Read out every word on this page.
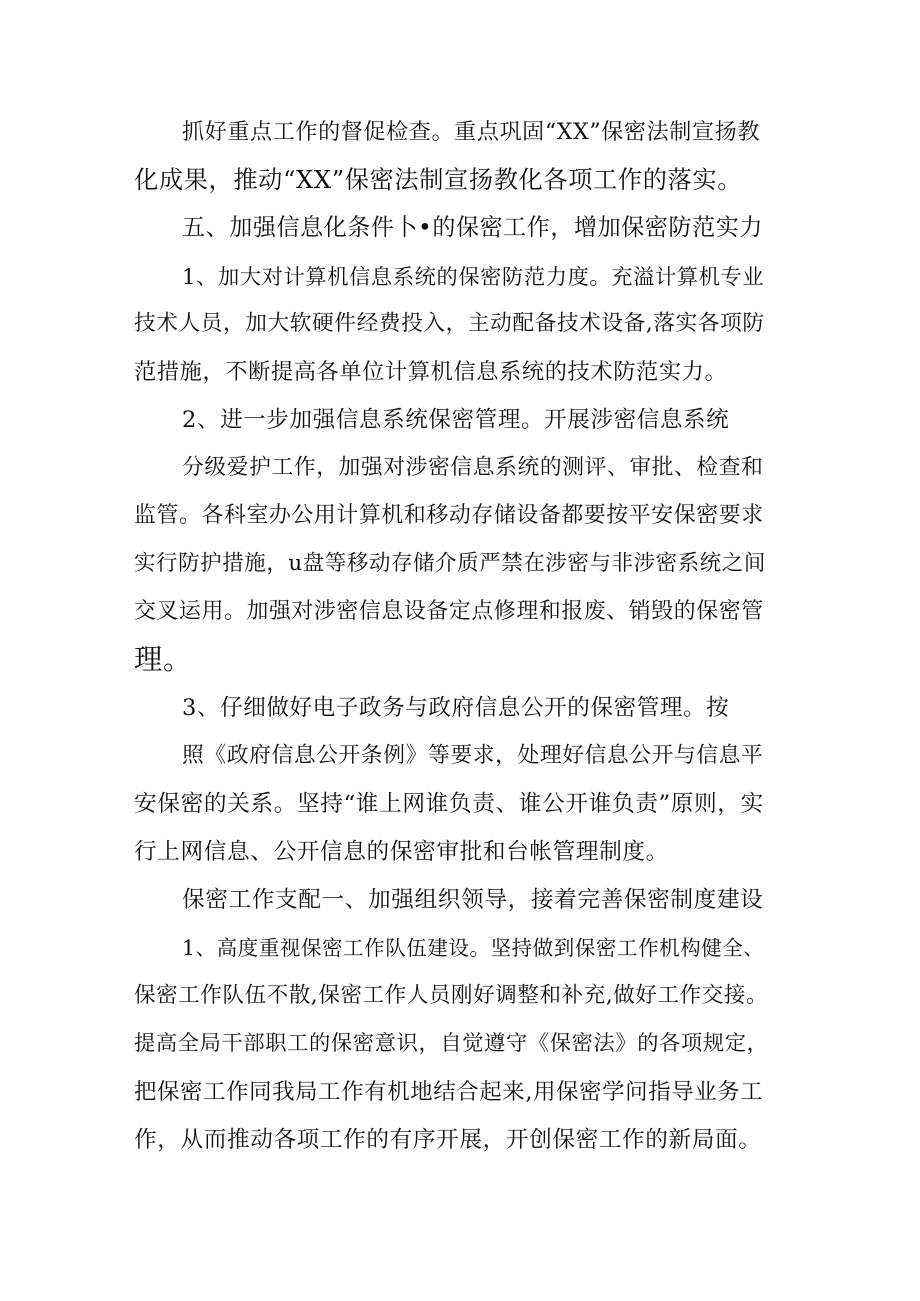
抓好重点工作的督促检查。重点巩固“XX”保密法制宣扬教
化成果，推动“XX”保密法制宣扬教化各项工作的落实。
五、加强信息化条件卜•的保密工作，增加保密防范实力
1、加大对计算机信息系统的保密防范力度。充溢计算机专业
技术人员，加大软硬件经费投入，主动配备技术设备,落实各项防
范措施，不断提高各单位计算机信息系统的技术防范实力。
2、进一步加强信息系统保密管理。开展涉密信息系统
分级爱护工作，加强对涉密信息系统的测评、审批、检查和
监管。各科室办公用计算机和移动存储设备都要按平安保密要求
实行防护措施，u盘等移动存储介质严禁在涉密与非涉密系统之间
交叉运用。加强对涉密信息设备定点修理和报废、销毁的保密管
理。
3、仔细做好电子政务与政府信息公开的保密管理。按
照《政府信息公开条例》等要求，处理好信息公开与信息平
安保密的关系。坚持“谁上网谁负责、谁公开谁负责”原则，实
行上网信息、公开信息的保密审批和台帐管理制度。
保密工作支配一、加强组织领导，接着完善保密制度建设
1、高度重视保密工作队伍建设。坚持做到保密工作机构健全、
保密工作队伍不散,保密工作人员刚好调整和补充,做好工作交接。
提高全局干部职工的保密意识，自觉遵守《保密法》的各项规定，
把保密工作同我局工作有机地结合起来,用保密学问指导业务工
作，从而推动各项工作的有序开展，开创保密工作的新局面。
